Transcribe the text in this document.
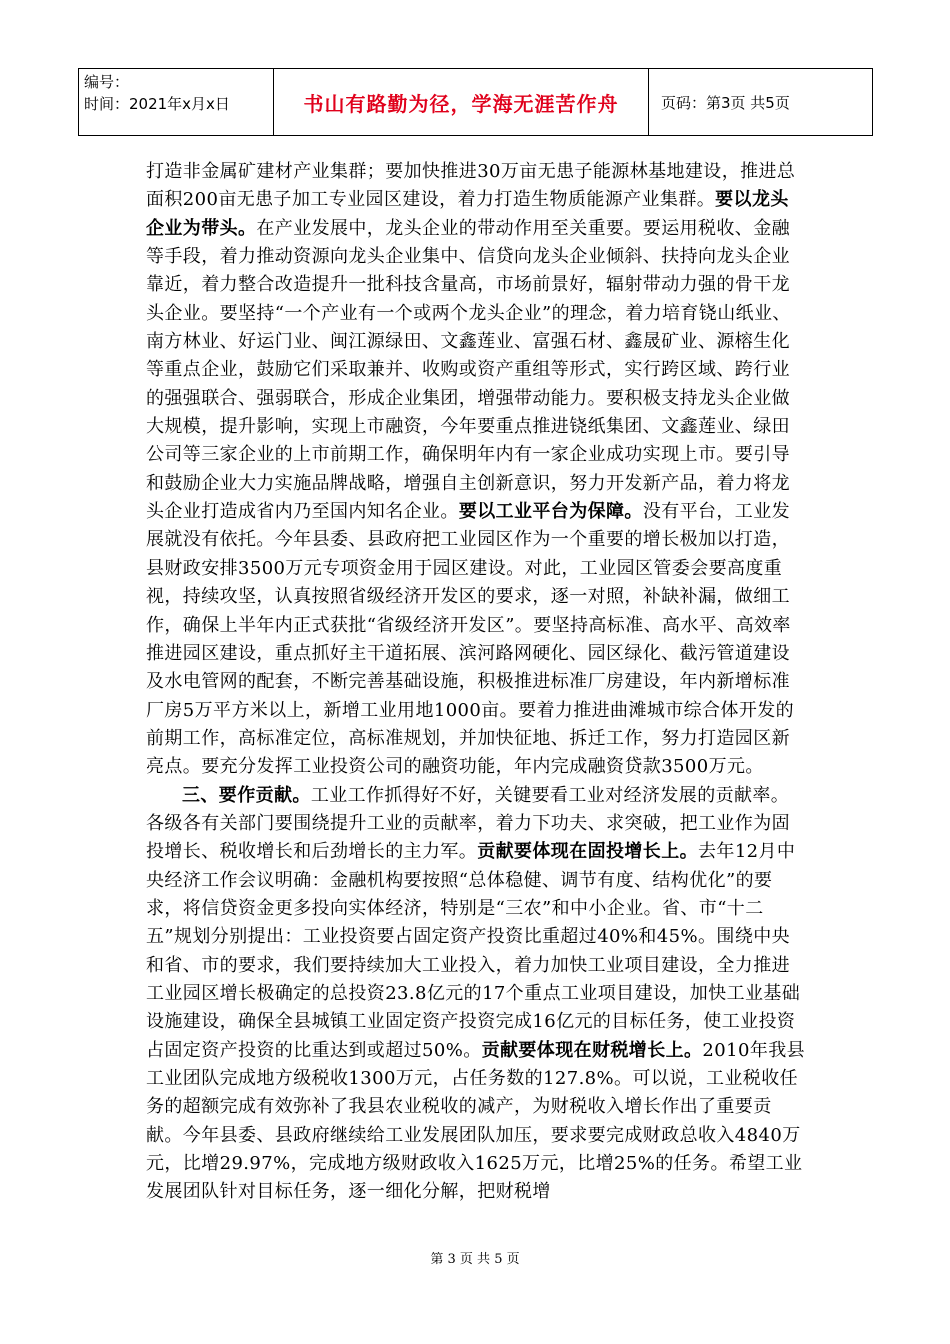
编号：
时间：2021年x月x日	书山有路勤为径，学海无涯苦作舟	页码：第3页 共5页

打造非金属矿建材产业集群；要加快推进30万亩无患子能源林基地建设，推进总面积200亩无患子加工专业园区建设，着力打造生物质能源产业集群。要以龙头企业为带头。在产业发展中，龙头企业的带动作用至关重要。要运用税收、金融等手段，着力推动资源向龙头企业集中、信贷向龙头企业倾斜、扶持向龙头企业靠近，着力整合改造提升一批科技含量高，市场前景好，辐射带动力强的骨干龙头企业。要坚持“一个产业有一个或两个龙头企业”的理念，着力培育铙山纸业、南方林业、好运门业、闽江源绿田、文鑫莲业、富强石材、鑫晟矿业、源榕生化等重点企业，鼓励它们采取兼并、收购或资产重组等形式，实行跨区域、跨行业的强强联合、强弱联合，形成企业集团，增强带动能力。要积极支持龙头企业做大规模，提升影响，实现上市融资，今年要重点推进铙纸集团、文鑫莲业、绿田公司等三家企业的上市前期工作，确保明年内有一家企业成功实现上市。要引导和鼓励企业大力实施品牌战略，增强自主创新意识，努力开发新产品，着力将龙头企业打造成省内乃至国内知名企业。要以工业平台为保障。没有平台，工业发展就没有依托。今年县委、县政府把工业园区作为一个重要的增长极加以打造，县财政安排3500万元专项资金用于园区建设。对此，工业园区管委会要高度重视，持续攻坚，认真按照省级经济开发区的要求，逐一对照，补缺补漏，做细工作，确保上半年内正式获批“省级经济开发区”。要坚持高标准、高水平、高效率推进园区建设，重点抓好主干道拓展、滨河路网硬化、园区绿化、截污管道建设及水电管网的配套，不断完善基础设施，积极推进标准厂房建设，年内新增标准厂房5万平方米以上，新增工业用地1000亩。要着力推进曲滩城市综合体开发的前期工作，高标准定位，高标准规划，并加快征地、拆迁工作，努力打造园区新亮点。要充分发挥工业投资公司的融资功能，年内完成融资贷款3500万元。

三、要作贡献。工业工作抓得好不好，关键要看工业对经济发展的贡献率。各级各有关部门要围绕提升工业的贡献率，着力下功夫、求突破，把工业作为固投增长、税收增长和后劲增长的主力军。贡献要体现在固投增长上。去年12月中央经济工作会议明确：金融机构要按照“总体稳健、调节有度、结构优化”的要求，将信贷资金更多投向实体经济，特别是“三农”和中小企业。省、市“十二五”规划分别提出：工业投资要占固定资产投资比重超过40%和45%。围绕中央和省、市的要求，我们要持续加大工业投入，着力加快工业项目建设，全力推进工业园区增长极确定的总投资23.8亿元的17个重点工业项目建设，加快工业基础设施建设，确保全县城镇工业固定资产投资完成16亿元的目标任务，使工业投资占固定资产投资的比重达到或超过50%。贡献要体现在财税增长上。2010年我县工业团队完成地方级税收1300万元，占任务数的127.8%。可以说，工业税收任务的超额完成有效弥补了我县农业税收的减产，为财税收入增长作出了重要贡献。今年县委、县政府继续给工业发展团队加压，要求要完成财政总收入4840万元，比增29.97%，完成地方级财政收入1625万元，比增25%的任务。希望工业发展团队针对目标任务，逐一细化分解，把财税增

第 3 页 共 5 页
